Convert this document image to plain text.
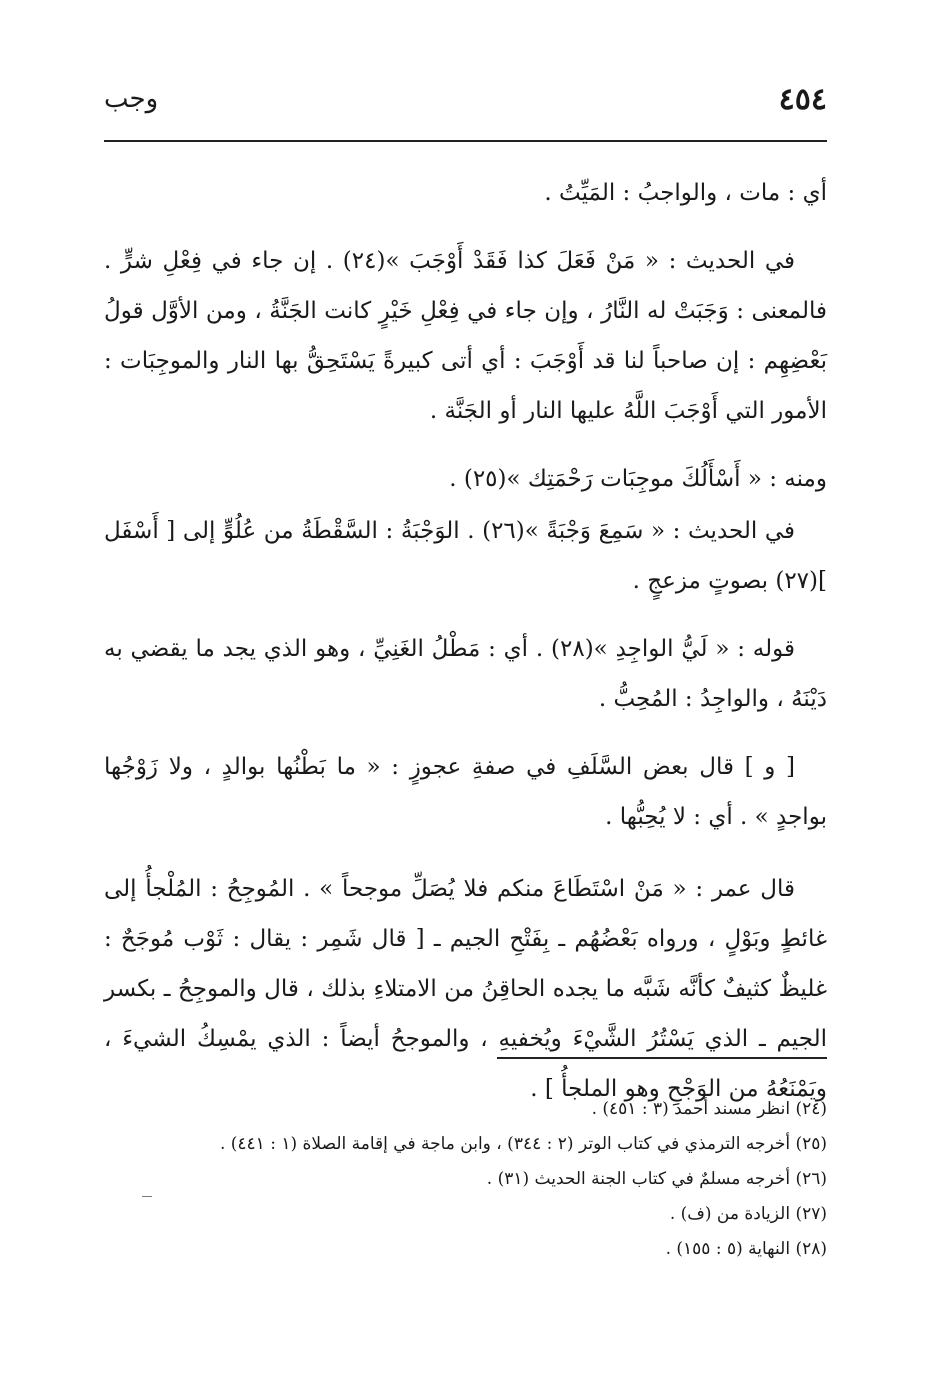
٤٥٤
وجب

أي : مات ، والواجبُ : المَيِّتُ .

في الحديث : « مَنْ فَعَلَ كذا فَقَدْ أَوْجَبَ »(٢٤) . إن جاء في فِعْلِ شرٍّ . فالمعنى : وَجَبَتْ له النَّارُ ، وإن جاء في فِعْلِ خَيْرٍ كانت الجَنَّةُ ، ومن الأوَّل قولُ بَعْضِهِم : إن صاحباً لنا قد أَوْجَبَ : أي أتى كبيرةً يَسْتَحِقُّ بها النار والموجِبَات : الأمور التي أَوْجَبَ اللَّهُ عليها النار أو الجَنَّة .

ومنه : « أَسْأَلُكَ موجِبَات رَحْمَتِك »(٢٥) .

في الحديث : « سَمِعَ وَجْبَةً »(٢٦) . الوَجْبَةُ : السَّقْطَةُ من عُلُوٍّ إلى [ أَسْفَل ](٢٧) بصوتٍ مزعجٍ .

قوله : « لَيُّ الواجِدِ »(٢٨) . أي : مَطْلُ الغَنِيِّ ، وهو الذي يجد ما يقضي به دَيْنَهُ ، والواجِدُ : المُحِبُّ .

[ و ] قال بعض السَّلَفِ في صفةِ عجوزٍ : « ما بَطْنُها بوالدٍ ، ولا زَوْجُها بواجدٍ » . أي : لا يُحِبُّها .

قال عمر : « مَنْ اسْتَطَاعَ منكم فلا يُصَلِّ موجحاً » . المُوجِحُ : المُلْجأُ إلى غائطٍ وبَوْلٍ ، ورواه بَعْضُهُم ـ بِفَتْحِ الجيم ـ [ قال شَمِر : يقال : ثَوْب مُوجَحٌ : غليظٌ كثيفٌ كأنَّه شَبَّه ما يجده الحاقِنُ من الامتلاءِ بذلك ، قال والموجِحُ ـ بكسر الجيم ـ الذي يَسْتُرُ الشَّيْءَ ويُخفيهِ ، والموجحُ أيضاً : الذي يمْسِكُ الشيءَ ، ويَمْنَعُهُ من الوَجْحِ وهو الملجأُ ] .

(٢٤) انظر مسند أحمد (٣ : ٤٥١) .

(٢٥) أخرجه الترمذي في كتاب الوتر (٢ : ٣٤٤) ، وابن ماجة في إقامة الصلاة (١ : ٤٤١) .

(٢٦) أخرجه مسلمٌ في كتاب الجنة الحديث (٣١) .

(٢٧) الزيادة من (ف) .

(٢٨) النهاية (٥ : ١٥٥) .
